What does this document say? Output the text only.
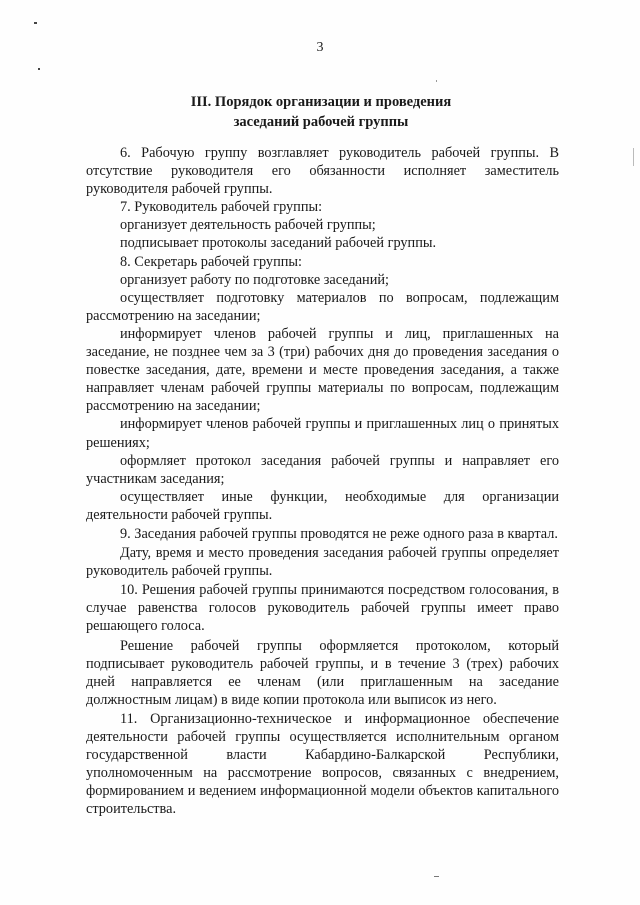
3
III. Порядок организации и проведения
заседаний рабочей группы

6. Рабочую группу возглавляет руководитель рабочей группы. В отсутствие руководителя его обязанности исполняет заместитель руководителя рабочей группы.

7. Руководитель рабочей группы:

организует деятельность рабочей группы;

подписывает протоколы заседаний рабочей группы.

8. Секретарь рабочей группы:

организует работу по подготовке заседаний;

осуществляет подготовку материалов по вопросам, подлежащим рассмотрению на заседании;

информирует членов рабочей группы и лиц, приглашенных на заседание, не позднее чем за 3 (три) рабочих дня до проведения заседания о повестке заседания, дате, времени и месте проведения заседания, а также направляет членам рабочей группы материалы по вопросам, подлежащим рассмотрению на заседании;

информирует членов рабочей группы и приглашенных лиц о принятых решениях;

оформляет протокол заседания рабочей группы и направляет его участникам заседания;

осуществляет иные функции, необходимые для организации деятельности рабочей группы.

9. Заседания рабочей группы проводятся не реже одного раза в квартал.

Дату, время и место проведения заседания рабочей группы определяет руководитель рабочей группы.

10. Решения рабочей группы принимаются посредством голосования, в случае равенства голосов руководитель рабочей группы имеет право решающего голоса.

Решение рабочей группы оформляется протоколом, который подписывает руководитель рабочей группы, и в течение 3 (трех) рабочих дней направляется ее членам (или приглашенным на заседание должностным лицам) в виде копии протокола или выписок из него.

11. Организационно-техническое и информационное обеспечение деятельности рабочей группы осуществляется исполнительным органом государственной власти Кабардино-Балкарской Республики, уполномоченным на рассмотрение вопросов, связанных с внедрением, формированием и ведением информационной модели объектов капитального строительства.
